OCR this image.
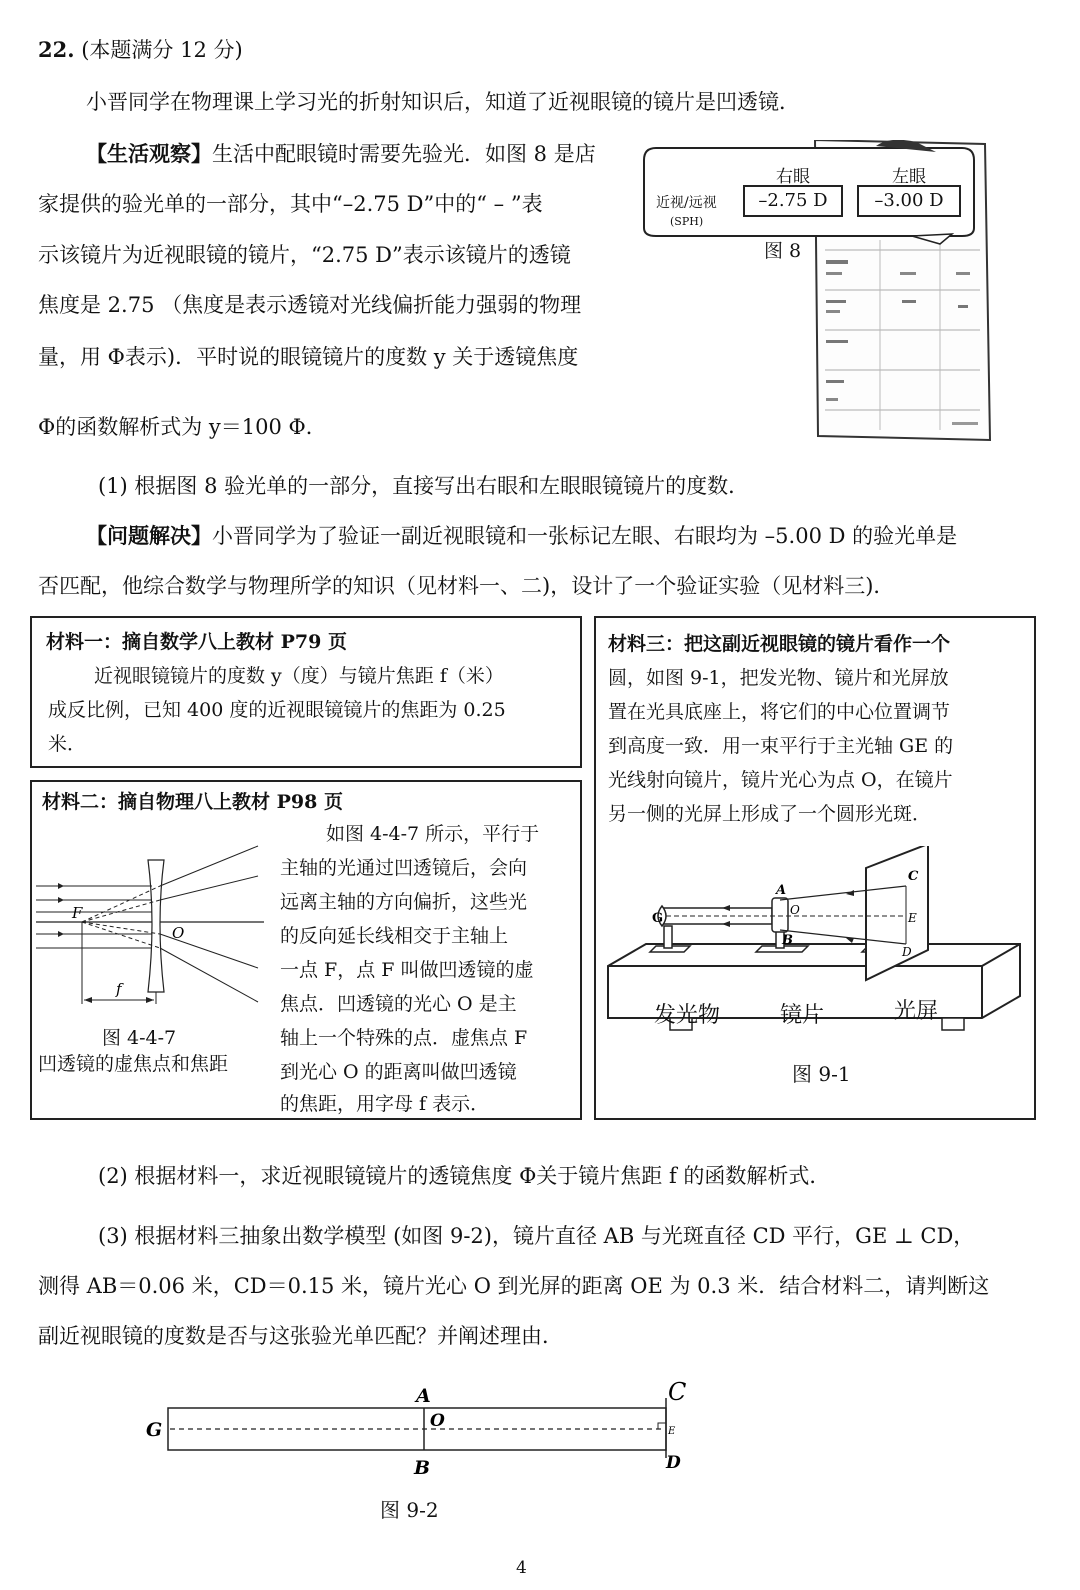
22. (本题满分 12 分)
小晋同学在物理课上学习光的折射知识后，知道了近视眼镜的镜片是凹透镜．
【生活观察】生活中配眼镜时需要先验光．如图 8 是店
家提供的验光单的一部分，其中“–2.75 D”中的“ – ”表
示该镜片为近视眼镜的镜片，“2.75 D”表示该镜片的透镜
焦度是 2.75 （焦度是表示透镜对光线偏折能力强弱的物理
量，用 Φ表示)．平时说的眼镜镜片的度数 y 关于透镜焦度
Φ的函数解析式为 y＝100 Φ．
右眼	左眼
近视/远视
(SPH)
–2.75 D	–3.00 D
图 8
(1) 根据图 8 验光单的一部分，直接写出右眼和左眼眼镜镜片的度数．
【问题解决】小晋同学为了验证一副近视眼镜和一张标记左眼、右眼均为 –5.00 D 的验光单是
否匹配，他综合数学与物理所学的知识（见材料一、二)，设计了一个验证实验（见材料三)．
材料一：摘自数学八上教材 P79 页
近视眼镜镜片的度数 y（度）与镜片焦距 f（米）
成反比例，已知 400 度的近视眼镜镜片的焦距为 0.25
米．
材料二：摘自物理八上教材 P98 页
如图 4-4-7 所示，平行于
主轴的光通过凹透镜后，会向
远离主轴的方向偏折，这些光
的反向延长线相交于主轴上
一点 F，点 F 叫做凹透镜的虚
焦点．凹透镜的光心 O 是主
轴上一个特殊的点．虚焦点 F
到光心 O 的距离叫做凹透镜
的焦距，用字母 f 表示．
F
O
f
图 4-4-7
凹透镜的虚焦点和焦距
材料三：把这副近视眼镜的镜片看作一个
圆，如图 9-1，把发光物、镜片和光屏放
置在光具底座上，将它们的中心位置调节
到高度一致．用一束平行于主光轴 GE 的
光线射向镜片，镜片光心为点 O，在镜片
另一侧的光屏上形成了一个圆形光斑．
G
A
O
B
C
E
D
发光物	镜片	光屏
图 9-1
(2) 根据材料一，求近视眼镜镜片的透镜焦度 Φ关于镜片焦距 f 的函数解析式．
(3) 根据材料三抽象出数学模型 (如图 9-2)，镜片直径 AB 与光斑直径 CD 平行，GE ⊥ CD，
测得 AB＝0.06 米，CD＝0.15 米，镜片光心 O 到光屏的距离 OE 为 0.3 米．结合材料二，请判断这
副近视眼镜的度数是否与这张验光单匹配？并阐述理由．
G
A
O
B
C
E
D
图 9-2
4
